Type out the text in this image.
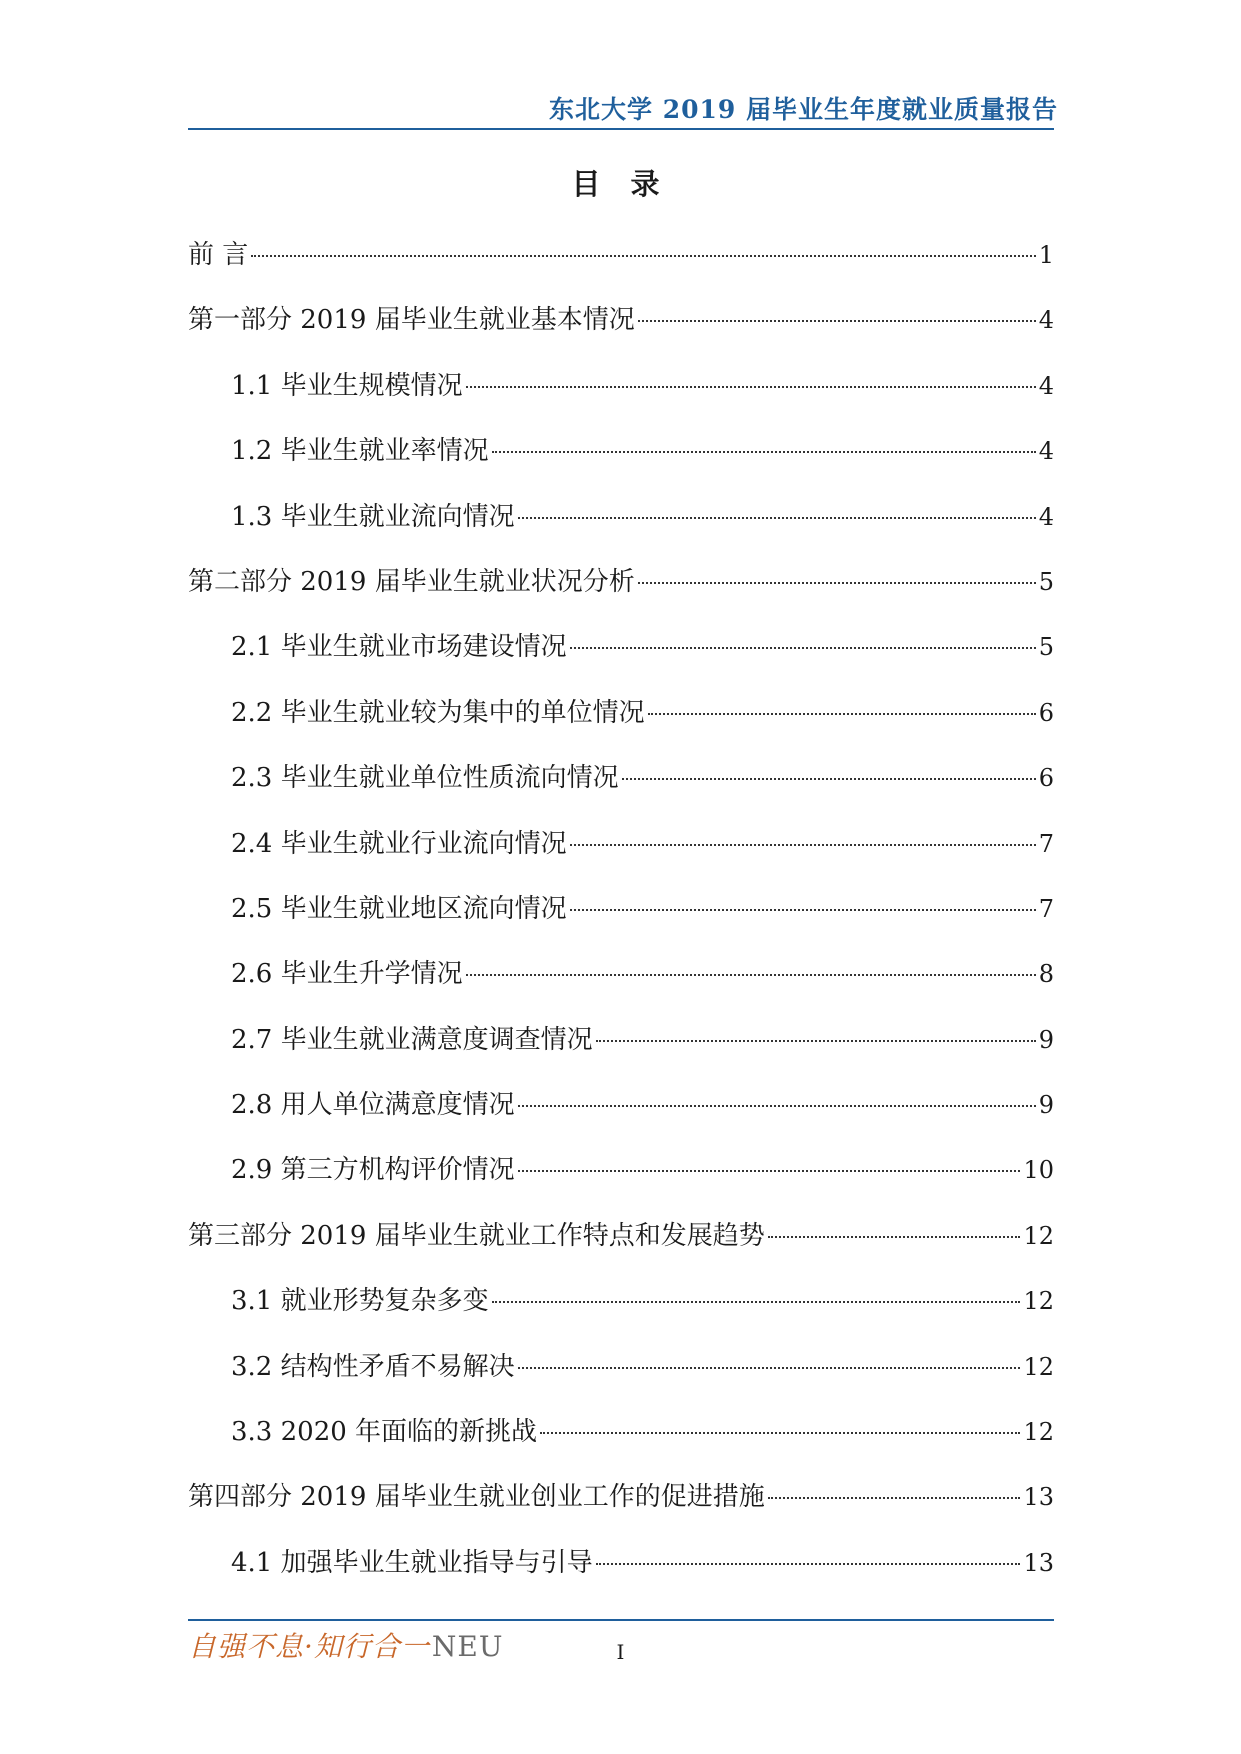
东北大学 2019 届毕业生年度就业质量报告
目 录
前 言	1
第一部分 2019 届毕业生就业基本情况	4
1.1 毕业生规模情况	4
1.2 毕业生就业率情况	4
1.3 毕业生就业流向情况	4
第二部分 2019 届毕业生就业状况分析	5
2.1 毕业生就业市场建设情况	5
2.2 毕业生就业较为集中的单位情况	6
2.3 毕业生就业单位性质流向情况	6
2.4 毕业生就业行业流向情况	7
2.5 毕业生就业地区流向情况	7
2.6 毕业生升学情况	8
2.7 毕业生就业满意度调查情况	9
2.8 用人单位满意度情况	9
2.9 第三方机构评价情况	10
第三部分 2019 届毕业生就业工作特点和发展趋势	12
3.1 就业形势复杂多变	12
3.2 结构性矛盾不易解决	12
3.3 2020 年面临的新挑战	12
第四部分 2019 届毕业生就业创业工作的促进措施	13
4.1 加强毕业生就业指导与引导	13
自强不息·知行合一NEU	I
